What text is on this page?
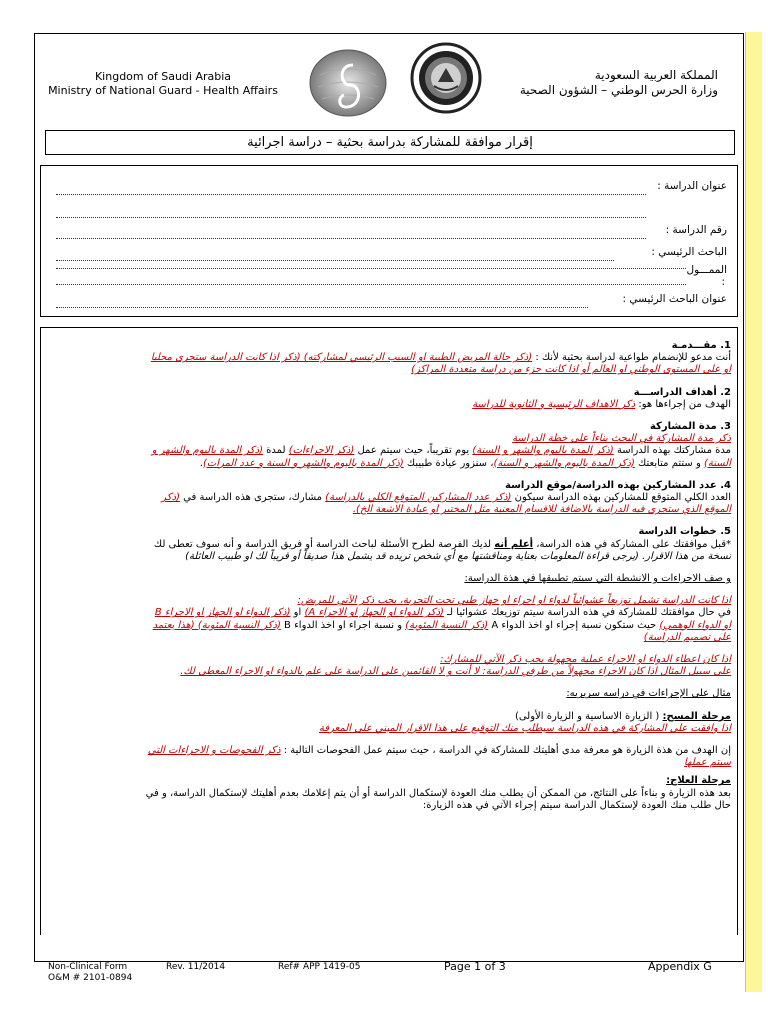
Kingdom of Saudi Arabia
Ministry of National Guard - Health Affairs
المملكة العربية السعودية
وزارة الحرس الوطني – الشؤون الصحية
إقرار موافقة للمشاركة بدراسة بحثية – دراسة اجرائية
عنوان الدراسة :
رقم الدراسة :
الباحث الرئيسي :
الممـــول
:
عنوان الباحث الرئيسي :

1. مقـــدمـة

أنت مدعو للإنضمام طواعية لدراسة بحثية لأنك : (ذكر حالة المريض الطبية او السبب الرئيسي لمشاركته) (ذكر اذا كانت الدراسة ستجرى محليا

او على المستوى الوطني او العالم أو اذا كانت جزء من دراسة متعددة المراكز)

2. أهداف الدراســـة

الهدف من إجراءها هو: ذكر الاهداف الرئيسية و الثانوية للدراسة

3. مدة المشاركة

ذكر مدة المشاركة في البحث بناءاً على خطة الدراسة

مدة مشاركتك بهذه الدراسة (ذكر المدة باليوم والشهر و السنة) يوم تقريباً، حيث سيتم عمل (ذكر الاجراءات) لمدة (ذكر المدة باليوم والشهر و

السنة) و ستتم متابعتك (ذكر المدة باليوم والشهر و السنة)، سنزور عيادة طبيبك (ذكر المدة باليوم والشهر و السنة و عدد المرات).

4. عدد المشاركين بهذه الدراسة/موقع الدراسة

العدد الكلي المتوقع للمشاركين بهذه الدراسة سيكون (ذكر عدد المشاركين المتوقع الكلي بالدراسة) مشارك، ستجرى هذه الدراسة في (ذكر

الموقع الذي ستجرى فيه الدراسة بالاضافة للاقسام المعنية مثل المختبر او عيادة الاشعة الخ).

5. خطوات الدراسة

*قبل موافقتك على المشاركة في هذه الدراسة، أعلم أنه لديك الفرصة لطرح الأسئلة لباحث الدراسة أو فريق الدراسة و أنه سوف تعطى لك

نسخة من هذا الاقرار. (يرجى قراءة المعلومات بعناية ومناقشتها مع أي شخص تريده قد يشمل هذا صديقاً أو قريباً لك او طبيب العائلة)

و صف الاجراءات و الانشطة التي سيتم تطبيقها في هذة الدراسة:

اذا كانت الدراسة تشمل توزيعاً عشوائياً لدواء او اجراء او جهاز طبي تحت التجربة، يجب ذكر الآتي للمريض:

في حال موافقتك للمشاركة في هذه الدراسة سيتم توزيعك عشوائيا لـ (ذكر الدواء او الجهاز او الاجراء A) او (ذكر الدواء او الجهاز او الاجراء B

او الدواء الوهمي) حيث ستكون نسبة إجراء او اخذ الدواء A (ذكر النسبة المئوية) و نسبة اجراء او اخذ الدواء B (ذكر النسبة المئوية) (هذا يعتمد

على تصميم الدراسة)

اذا كان اعطاء الدواء او الاجراء عملية مجهولة يجب ذكر الآتي للمشارك:

على سبيل المثال اذا كان الاجراء مجهولاً من طرفي الدراسة: لا أنت و لا القائمين على الدراسة على علم بالدواء او الاجراء المعطى لك.

مثال على الإجراءات في دراسه سريريه:

مرحلة المسح: ( الزيارة الاساسية و الزيارة الأولى)

اذا وافقت على المشاركة في هذه الدراسة سيطلب منك التوقيع على هذا الاقرار المبني على المعرفة

إن الهدف من هذة الزيارة هو معرفة مدى أهليتك للمشاركة في الدراسة ، حيث سيتم عمل الفحوصات التالية : ذكر الفحوصات و الاجراءات التي

سيتم عملها

مرحلة العلاج:

بعد هذه الزيارة و بناءاً على النتائج، من الممكن أن يطلب منك العودة لإستكمال الدراسة أو أن يتم إعلامك بعدم أهليتك لإستكمال الدراسة، و في

حال طلب منك العودة لإستكمال الدراسة سيتم إجراء الآتي في هذه الزيارة:

Non-Clinical Form
O&M # 2101-0894
Rev. 11/2014	Ref# APP 1419-05	Page 1 of 3	Appendix G
